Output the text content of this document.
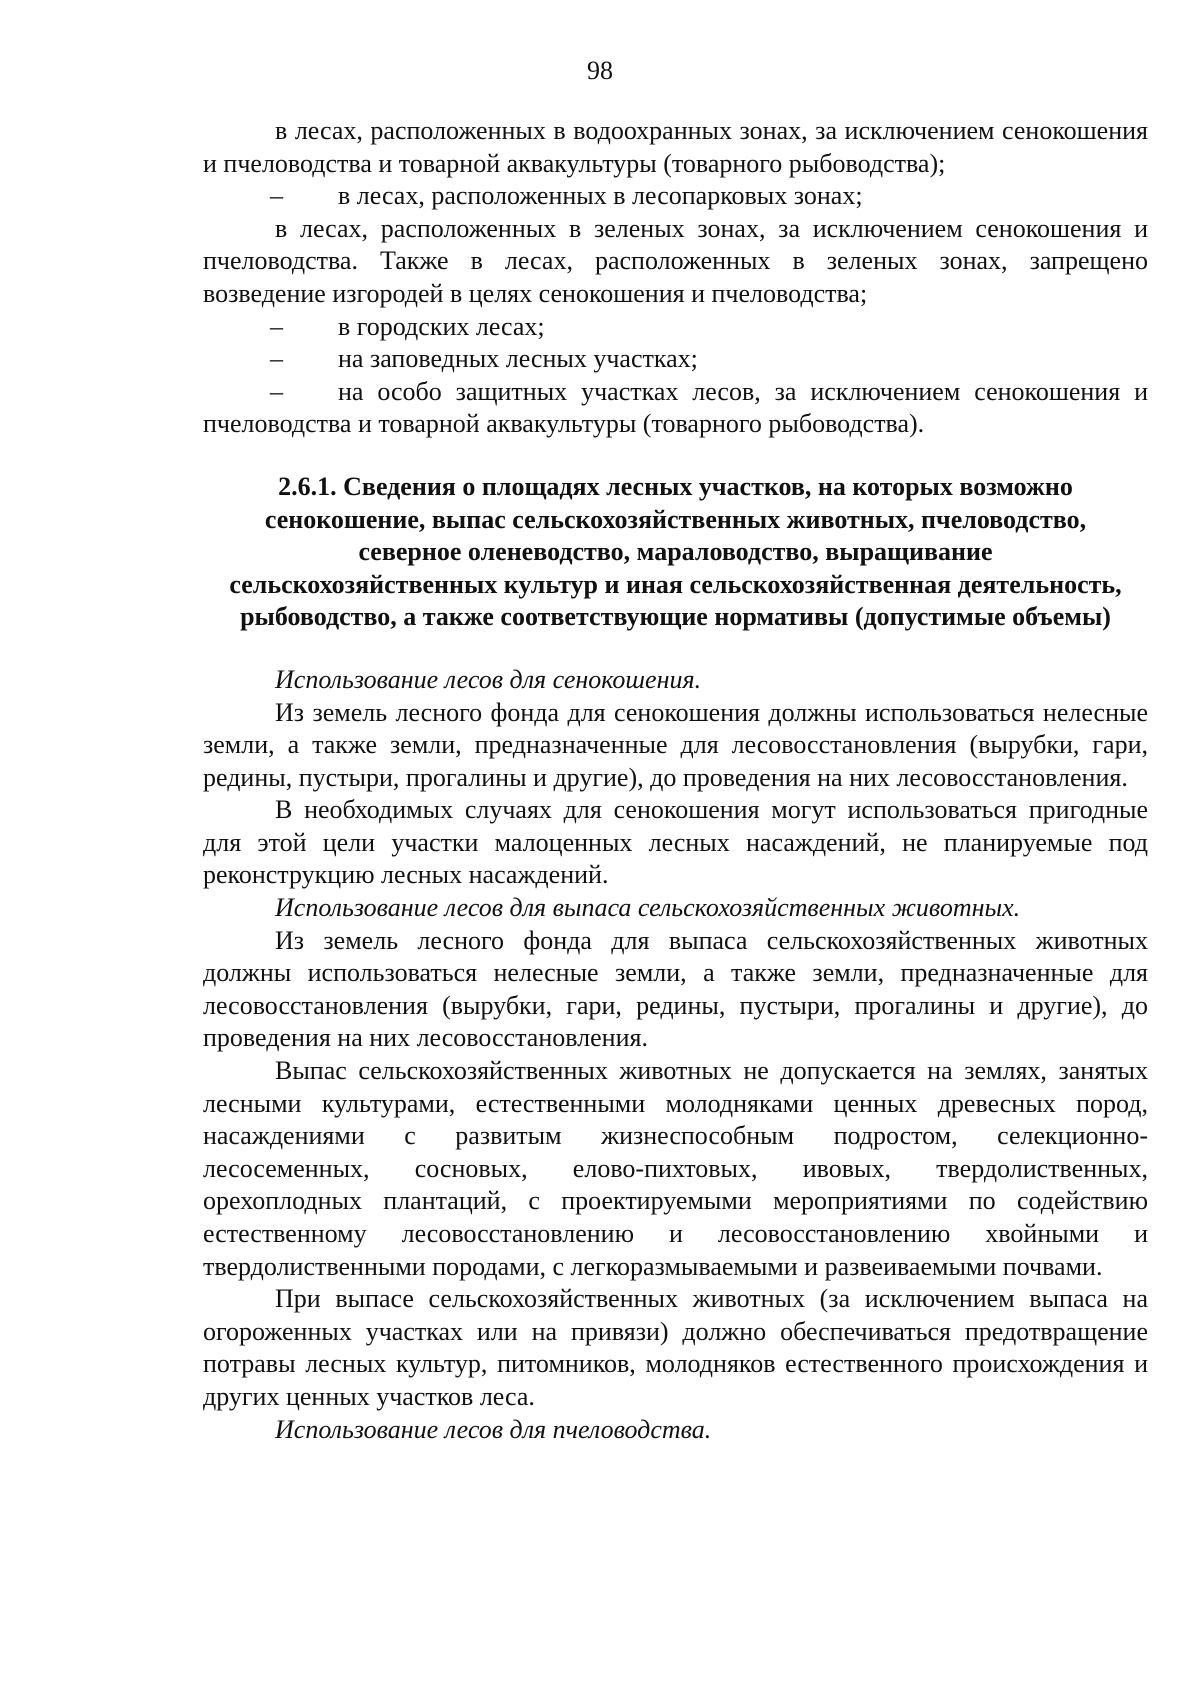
98

в лесах, расположенных в водоохранных зонах, за исключением сенокошения и пчеловодства и товарной аквакультуры (товарного рыбоводства);

– в лесах, расположенных в лесопарковых зонах;

в лесах, расположенных в зеленых зонах, за исключением сенокошения и пчеловодства. Также в лесах, расположенных в зеленых зонах, запрещено возведение изгородей в целях сенокошения и пчеловодства;

– в городских лесах;

– на заповедных лесных участках;

– на особо защитных участках лесов, за исключением сенокошения и пчеловодства и товарной аквакультуры (товарного рыбоводства).

2.6.1. Сведения о площадях лесных участков, на которых возможно сенокошение, выпас сельскохозяйственных животных, пчеловодство, северное оленеводство, мараловодство, выращивание сельскохозяйственных культур и иная сельскохозяйственная деятельность, рыбоводство, а также соответствующие нормативы (допустимые объемы)

Использование лесов для сенокошения.

Из земель лесного фонда для сенокошения должны использоваться нелесные земли, а также земли, предназначенные для лесовосстановления (вырубки, гари, редины, пустыри, прогалины и другие), до проведения на них лесовосстановления.

В необходимых случаях для сенокошения могут использоваться пригодные для этой цели участки малоценных лесных насаждений, не планируемые под реконструкцию лесных насаждений.

Использование лесов для выпаса сельскохозяйственных животных.

Из земель лесного фонда для выпаса сельскохозяйственных животных должны использоваться нелесные земли, а также земли, предназначенные для лесовосстановления (вырубки, гари, редины, пустыри, прогалины и другие), до проведения на них лесовосстановления.

Выпас сельскохозяйственных животных не допускается на землях, занятых лесными культурами, естественными молодняками ценных древесных пород, насаждениями с развитым жизнеспособным подростом, селекционно-лесосеменных, сосновых, елово-пихтовых, ивовых, твердолиственных, орехоплодных плантаций, с проектируемыми мероприятиями по содействию естественному лесовосстановлению и лесовосстановлению хвойными и твердолиственными породами, с легкоразмываемыми и развеиваемыми почвами.

При выпасе сельскохозяйственных животных (за исключением выпаса на огороженных участках или на привязи) должно обеспечиваться предотвращение потравы лесных культур, питомников, молодняков естественного происхождения и других ценных участков леса.

Использование лесов для пчеловодства.
